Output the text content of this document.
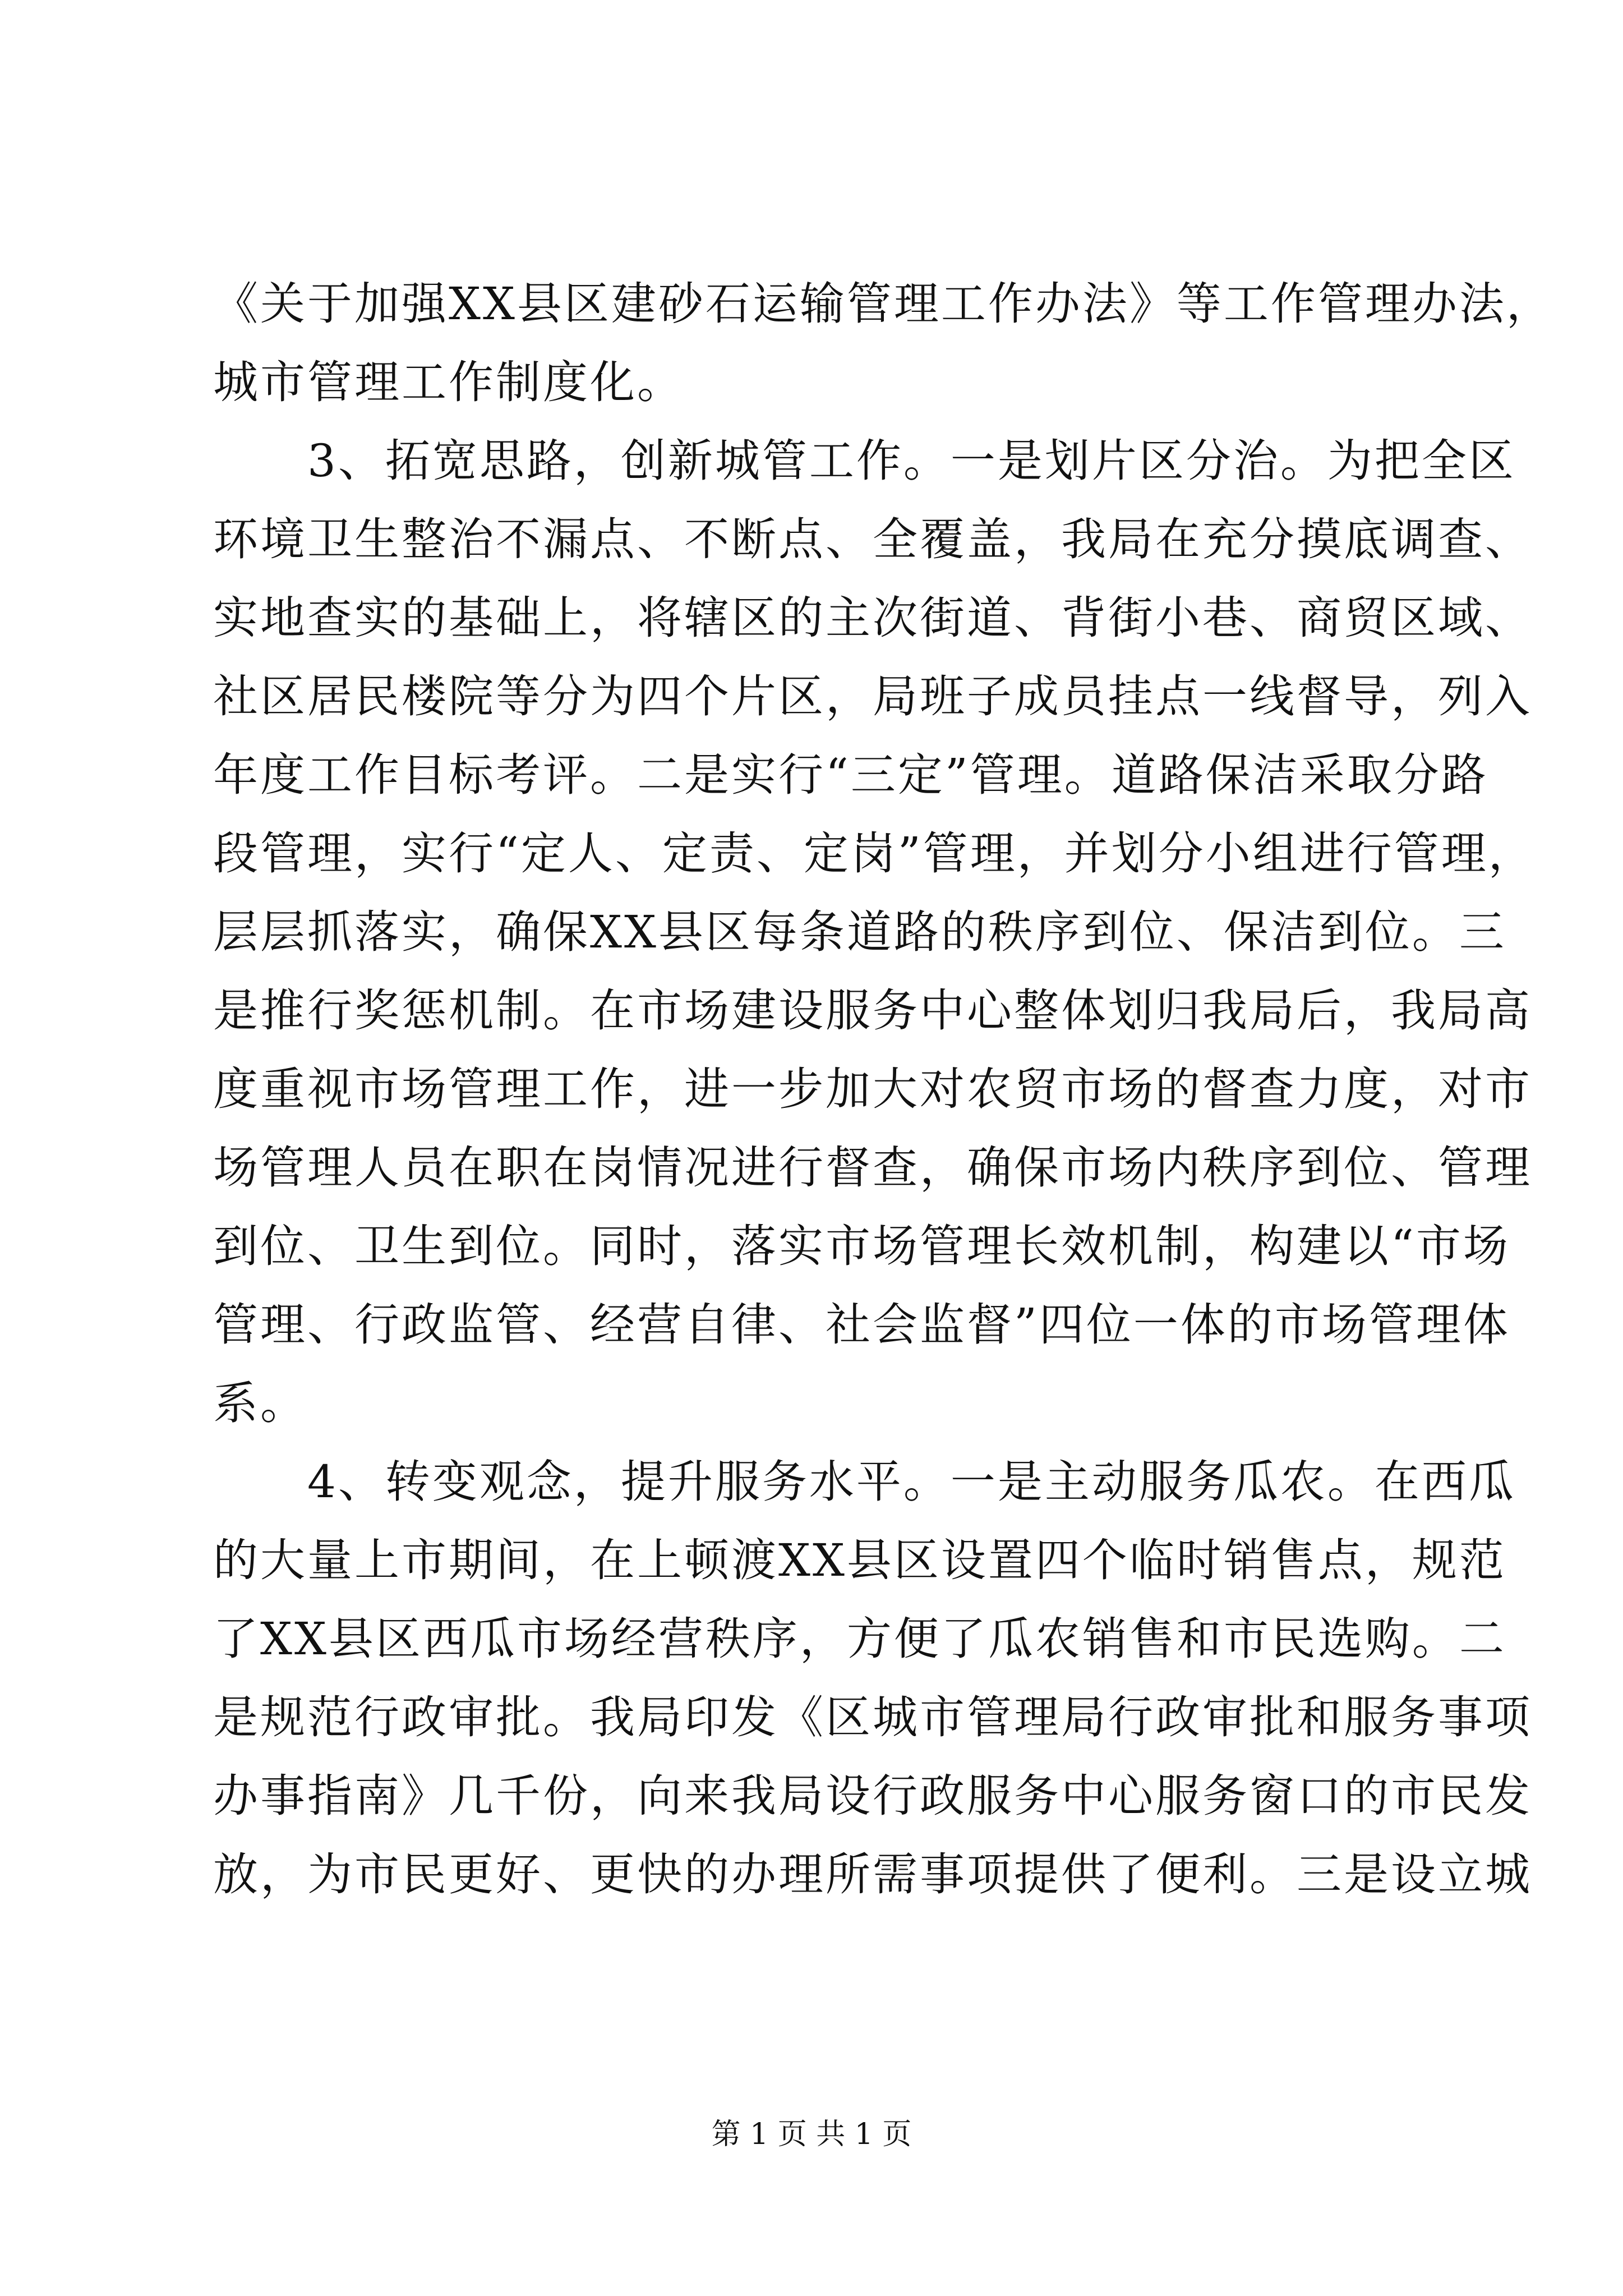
《关于加强XX县区建砂石运输管理工作办法》等工作管理办法，
城市管理工作制度化。
　　3、拓宽思路，创新城管工作。一是划片区分治。为把全区
环境卫生整治不漏点、不断点、全覆盖，我局在充分摸底调查、
实地查实的基础上，将辖区的主次街道、背街小巷、商贸区域、
社区居民楼院等分为四个片区，局班子成员挂点一线督导，列入
年度工作目标考评。二是实行“三定”管理。道路保洁采取分路
段管理，实行“定人、定责、定岗”管理，并划分小组进行管理，
层层抓落实，确保XX县区每条道路的秩序到位、保洁到位。三
是推行奖惩机制。在市场建设服务中心整体划归我局后，我局高
度重视市场管理工作，进一步加大对农贸市场的督查力度，对市
场管理人员在职在岗情况进行督查，确保市场内秩序到位、管理
到位、卫生到位。同时，落实市场管理长效机制，构建以“市场
管理、行政监管、经营自律、社会监督”四位一体的市场管理体
系。
　　4、转变观念，提升服务水平。一是主动服务瓜农。在西瓜
的大量上市期间，在上顿渡XX县区设置四个临时销售点，规范
了XX县区西瓜市场经营秩序，方便了瓜农销售和市民选购。二
是规范行政审批。我局印发《区城市管理局行政审批和服务事项
办事指南》几千份，向来我局设行政服务中心服务窗口的市民发
放，为市民更好、更快的办理所需事项提供了便利。三是设立城
第 1 页 共 1 页
